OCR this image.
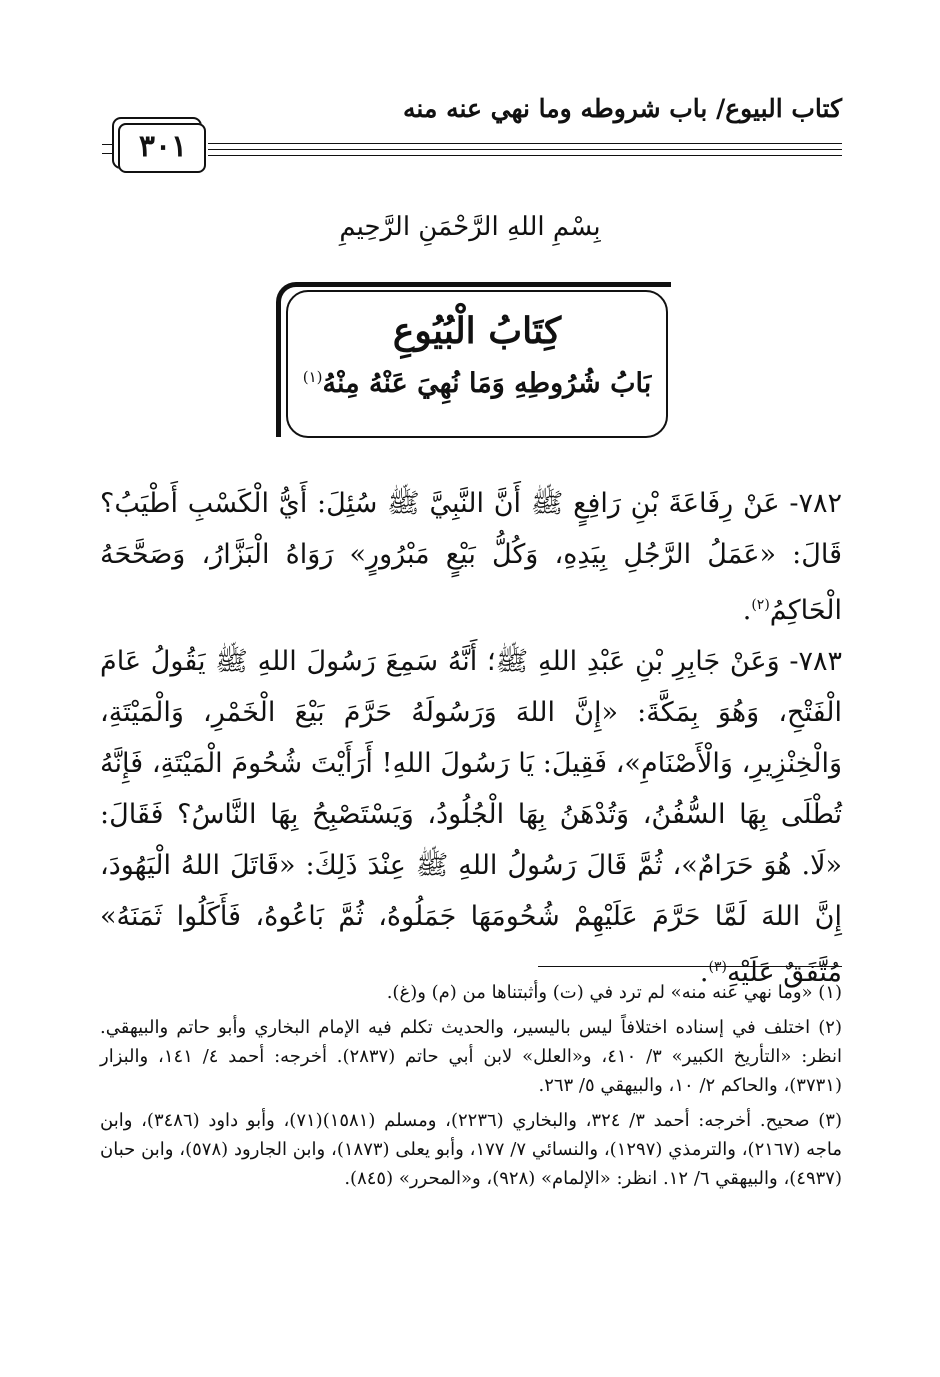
كتاب البيوع/ باب شروطه وما نهي عنه منه
٣٠١
بِسْمِ اللهِ الرَّحْمَنِ الرَّحِيمِ
كِتَابُ الْبُيُوعِ
بَابُ شُرُوطِهِ وَمَا نُهِيَ عَنْهُ مِنْهُ$^{(١)}$

٧٨٢- عَنْ رِفَاعَةَ بْنِ رَافِعٍ ﷺ أَنَّ النَّبِيَّ ﷺ سُئِلَ: أَيُّ الْكَسْبِ أَطْيَبُ؟ قَالَ: «عَمَلُ الرَّجُلِ بِيَدِهِ، وَكُلُّ بَيْعٍ مَبْرُورٍ» رَوَاهُ الْبَزَّارُ، وَصَحَّحَهُ الْحَاكِمُ$^{(٢)}$.

٧٨٣- وَعَنْ جَابِرِ بْنِ عَبْدِ اللهِ ﷺ؛ أَنَّهُ سَمِعَ رَسُولَ اللهِ ﷺ يَقُولُ عَامَ الْفَتْحِ، وَهُوَ بِمَكَّةَ: «إِنَّ اللهَ وَرَسُولَهُ حَرَّمَ بَيْعَ الْخَمْرِ، وَالْمَيْتَةِ، وَالْخِنْزِيرِ، وَالْأَصْنَامِ»، فَقِيلَ: يَا رَسُولَ اللهِ! أَرَأَيْتَ شُحُومَ الْمَيْتَةِ، فَإِنَّهُ تُطْلَى بِهَا السُّفُنُ، وَتُدْهَنُ بِهَا الْجُلُودُ، وَيَسْتَصْبِحُ بِهَا النَّاسُ؟ فَقَالَ: «لَا. هُوَ حَرَامٌ»، ثُمَّ قَالَ رَسُولُ اللهِ ﷺ عِنْدَ ذَلِكَ: «قَاتَلَ اللهُ الْيَهُودَ، إِنَّ اللهَ لَمَّا حَرَّمَ عَلَيْهِمْ شُحُومَهَا جَمَلُوهُ، ثُمَّ بَاعُوهُ، فَأَكَلُوا ثَمَنَهُ» مُتَّفَقٌ عَلَيْهِ$^{(٣)}$.

(١) «وما نهي عنه منه» لم ترد في (ت) وأثبتناها من (م) و(غ).

(٢) اختلف في إسناده اختلافاً ليس باليسير، والحديث تكلم فيه الإمام البخاري وأبو حاتم والبيهقي. انظر: «التأريخ الكبير» ٣/ ٤١٠، و«العلل» لابن أبي حاتم (٢٨٣٧). أخرجه: أحمد ٤/ ١٤١، والبزار (٣٧٣١)، والحاكم ٢/ ١٠، والبيهقي ٥/ ٢٦٣.

(٣) صحيح. أخرجه: أحمد ٣/ ٣٢٤، والبخاري (٢٢٣٦)، ومسلم (١٥٨١)(٧١)، وأبو داود (٣٤٨٦)، وابن ماجه (٢١٦٧)، والترمذي (١٢٩٧)، والنسائي ٧/ ١٧٧، وأبو يعلى (١٨٧٣)، وابن الجارود (٥٧٨)، وابن حبان (٤٩٣٧)، والبيهقي ٦/ ١٢. انظر: «الإلمام» (٩٢٨)، و«المحرر» (٨٤٥).
